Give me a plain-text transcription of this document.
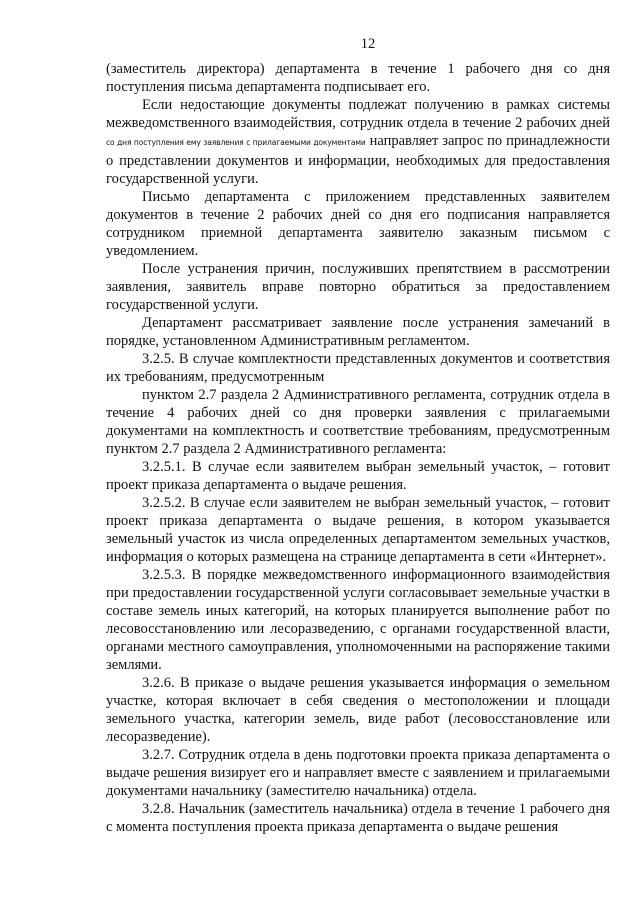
12

(заместитель директора) департамента в течение 1 рабочего дня со дня поступления письма департамента подписывает его.

Если недостающие документы подлежат получению в рамках системы межведомственного взаимодействия, сотрудник отдела в течение 2 рабочих дней со дня поступления ему заявления с прилагаемыми документами направляет запрос по принадлежности о представлении документов и информации, необходимых для предоставления государственной услуги.

Письмо департамента с приложением представленных заявителем документов в течение 2 рабочих дней со дня его подписания направляется сотрудником приемной департамента заявителю заказным письмом с уведомлением.

После устранения причин, послуживших препятствием в рассмотрении заявления, заявитель вправе повторно обратиться за предоставлением государственной услуги.

Департамент рассматривает заявление после устранения замечаний в порядке, установленном Административным регламентом.

3.2.5. В случае комплектности представленных документов и соответствия их требованиям, предусмотренным

пунктом 2.7 раздела 2 Административного регламента, сотрудник отдела в течение 4 рабочих дней со дня проверки заявления с прилагаемыми документами на комплектность и соответствие требованиям, предусмотренным пунктом 2.7 раздела 2 Административного регламента:

3.2.5.1. В случае если заявителем выбран земельный участок, – готовит проект приказа департамента о выдаче решения.

3.2.5.2. В случае если заявителем не выбран земельный участок, – готовит проект приказа департамента о выдаче решения, в котором указывается земельный участок из числа определенных департаментом земельных участков, информация о которых размещена на странице департамента в сети «Интернет».

3.2.5.3. В порядке межведомственного информационного взаимодействия при предоставлении государственной услуги согласовывает земельные участки в составе земель иных категорий, на которых планируется выполнение работ по лесовосстановлению или лесоразведению, с органами государственной власти, органами местного самоуправления, уполномоченными на распоряжение такими землями.

3.2.6. В приказе о выдаче решения указывается информация о земельном участке, которая включает в себя сведения о местоположении и площади земельного участка, категории земель, виде работ (лесовосстановление или лесоразведение).

3.2.7. Сотрудник отдела в день подготовки проекта приказа департамента о выдаче решения визирует его и направляет вместе с заявлением и прилагаемыми документами начальнику (заместителю начальника) отдела.

3.2.8. Начальник (заместитель начальника) отдела в течение 1 рабочего дня с момента поступления проекта приказа департамента о выдаче решения
